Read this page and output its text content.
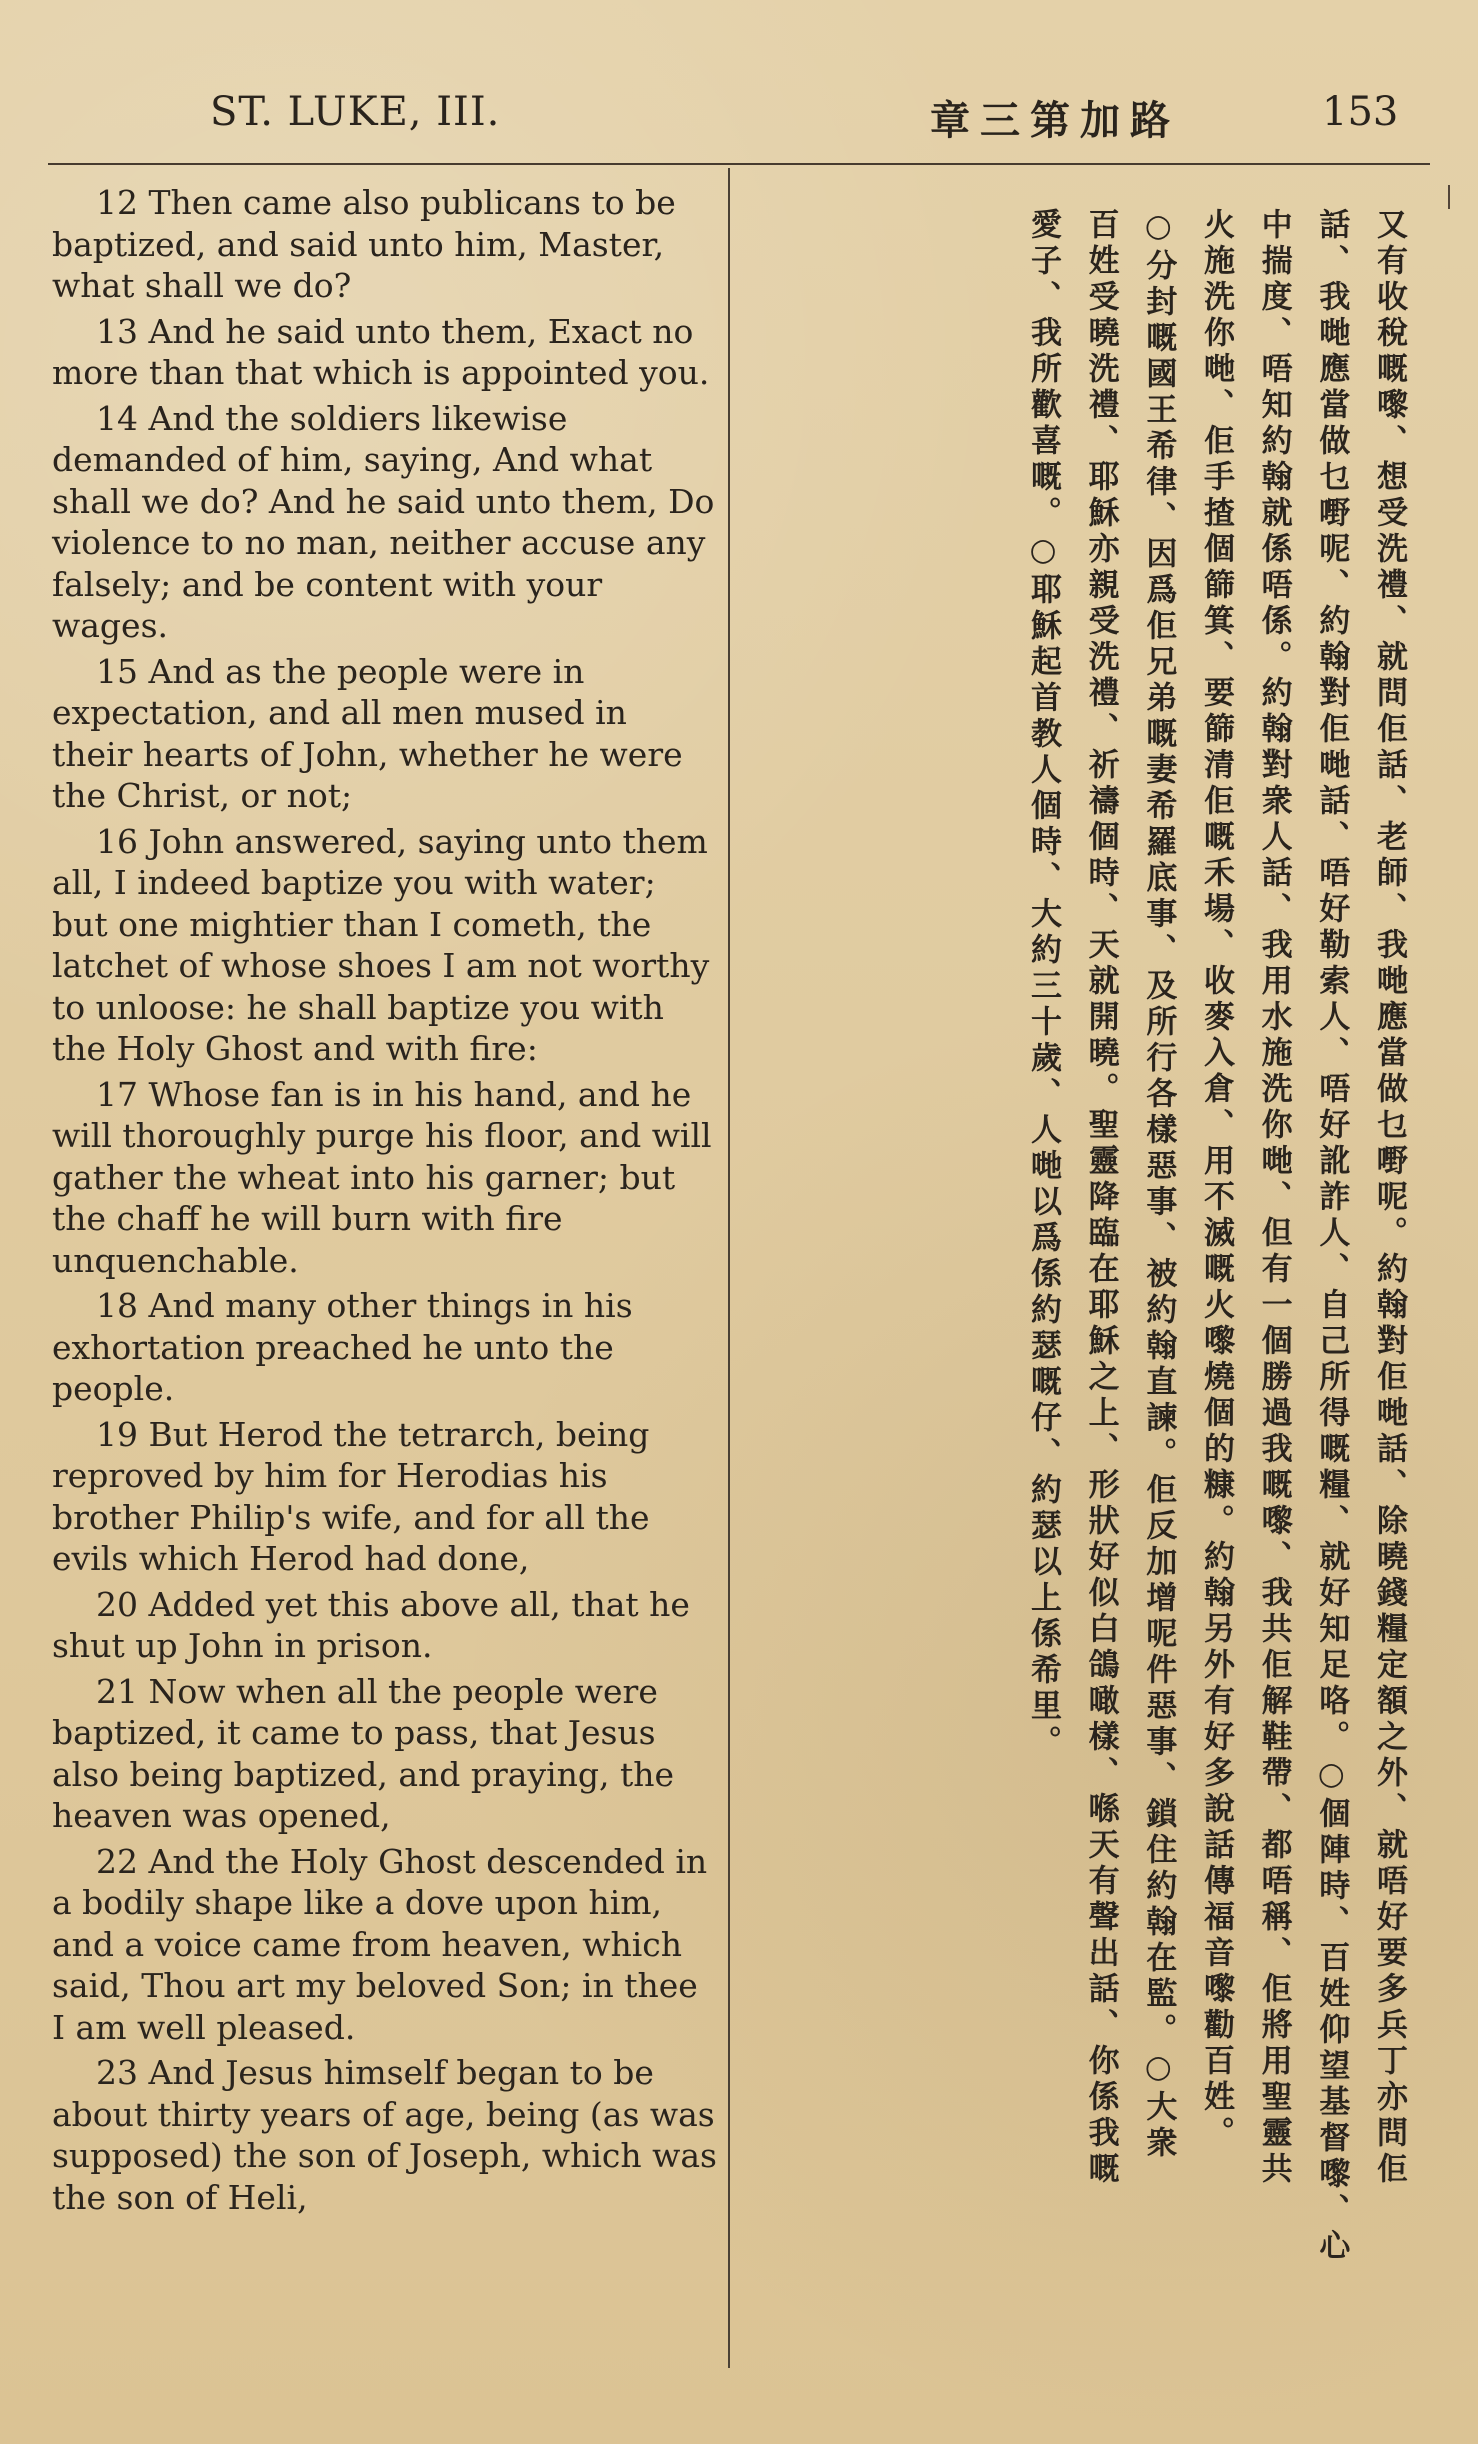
ST. LUKE, III.	章三第加路	153

12 Then came also publicans to be baptized, and said unto him, Master, what shall we do?

13 And he said unto them, Exact no more than that which is appointed you.

14 And the soldiers likewise demanded of him, saying, And what shall we do? And he said unto them, Do violence to no man, neither accuse any falsely; and be content with your wages.

15 And as the people were in expectation, and all men mused in their hearts of John, whether he were the Christ, or not;

16 John answered, saying unto them all, I indeed baptize you with water; but one mightier than I cometh, the latchet of whose shoes I am not worthy to unloose: he shall baptize you with the Holy Ghost and with fire:

17 Whose fan is in his hand, and he will thoroughly purge his floor, and will gather the wheat into his garner; but the chaff he will burn with fire unquenchable.

18 And many other things in his exhortation preached he unto the people.

19 But Herod the tetrarch, being reproved by him for Herodias his brother Philip's wife, and for all the evils which Herod had done,

20 Added yet this above all, that he shut up John in prison.

21 Now when all the people were baptized, it came to pass, that Jesus also being baptized, and praying, the heaven was opened,

22 And the Holy Ghost descended in a bodily shape like a dove upon him, and a voice came from heaven, which said, Thou art my beloved Son; in thee I am well pleased.

23 And Jesus himself began to be about thirty years of age, being (as was supposed) the son of Joseph, which was the son of Heli,

又有收稅嘅嚟、想受洗禮、就問佢話、老師、我哋應當做乜嘢呢。約翰對佢哋話、除曉錢糧定額之外、就唔好要多兵丁亦問佢
話、我哋應當做乜嘢呢、約翰對佢哋話、唔好勒索人、唔好訛詐人、自己所得嘅糧、就好知足咯。○個陣時、百姓仰望基督嚟、心
中揣度、唔知約翰就係唔係。約翰對衆人話、我用水施洗你哋、但有一個勝過我嘅嚟、我共佢解鞋帶、都唔稱、佢將用聖靈共
火施洗你哋、佢手揸個篩箕、要篩清佢嘅禾場、收麥入倉、用不滅嘅火嚟燒個的糠。約翰另外有好多說話傳福音嚟勸百姓。
○分封嘅國王希律、因爲佢兄弟嘅妻希羅底事、及所行各樣惡事、被約翰直諫。佢反加增呢件惡事、鎖住約翰在監。○大衆
百姓受曉洗禮、耶穌亦親受洗禮、祈禱個時、天就開曉。聖靈降臨在耶穌之上、形狀好似白鴿噉樣、喺天有聲出話、你係我嘅
愛子、我所歡喜嘅。○耶穌起首教人個時、大約三十歲、人哋以爲係約瑟嘅仔、約瑟以上係希里。
